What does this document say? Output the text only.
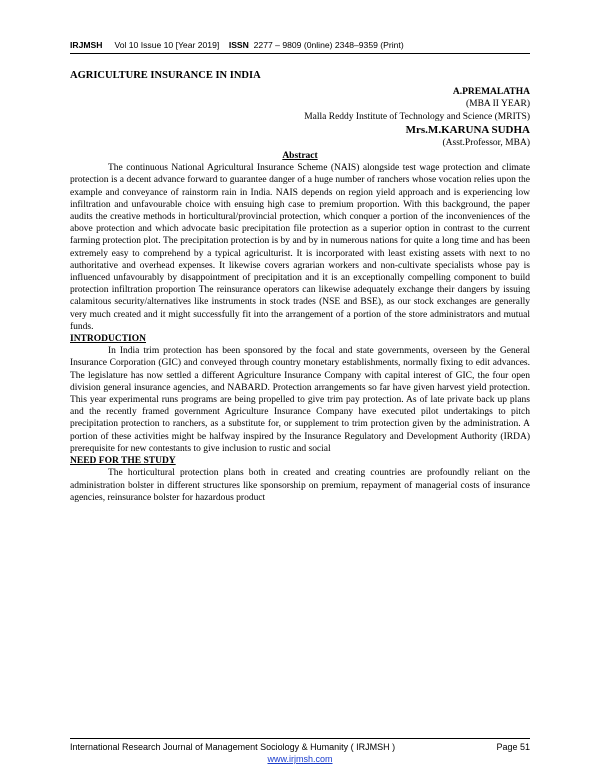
IRJMSH Vol 10 Issue 10 [Year 2019] ISSN 2277 – 9809 (0nline) 2348–9359 (Print)
AGRICULTURE INSURANCE IN INDIA
A.PREMALATHA
(MBA II YEAR)
Malla Reddy Institute of Technology and Science (MRITS)
Mrs.M.KARUNA SUDHA
(Asst.Professor, MBA)
Abstract

The continuous National Agricultural Insurance Scheme (NAIS) alongside test wage protection and climate protection is a decent advance forward to guarantee danger of a huge number of ranchers whose vocation relies upon the example and conveyance of rainstorm rain in India. NAIS depends on region yield approach and is experiencing low infiltration and unfavourable choice with ensuing high case to premium proportion. With this background, the paper audits the creative methods in horticultural/provincial protection, which conquer a portion of the inconveniences of the above protection and which advocate basic precipitation file protection as a superior option in contrast to the current farming protection plot. The precipitation protection is by and by in numerous nations for quite a long time and has been extremely easy to comprehend by a typical agriculturist. It is incorporated with least existing assets with next to no authoritative and overhead expenses. It likewise covers agrarian workers and non-cultivate specialists whose pay is influenced unfavourably by disappointment of precipitation and it is an exceptionally compelling component to build protection infiltration proportion The reinsurance operators can likewise adequately exchange their dangers by issuing calamitous security/alternatives like instruments in stock trades (NSE and BSE), as our stock exchanges are generally very much created and it might successfully fit into the arrangement of a portion of the store administrators and mutual funds.

INTRODUCTION

In India trim protection has been sponsored by the focal and state governments, overseen by the General Insurance Corporation (GIC) and conveyed through country monetary establishments, normally fixing to edit advances. The legislature has now settled a different Agriculture Insurance Company with capital interest of GIC, the four open division general insurance agencies, and NABARD. Protection arrangements so far have given harvest yield protection. This year experimental runs programs are being propelled to give trim pay protection. As of late private back up plans and the recently framed government Agriculture Insurance Company have executed pilot undertakings to pitch precipitation protection to ranchers, as a substitute for, or supplement to trim protection given by the administration. A portion of these activities might be halfway inspired by the Insurance Regulatory and Development Authority (IRDA) prerequisite for new contestants to give inclusion to rustic and social

NEED FOR THE STUDY

The horticultural protection plans both in created and creating countries are profoundly reliant on the administration bolster in different structures like sponsorship on premium, repayment of managerial costs of insurance agencies, reinsurance bolster for hazardous product

International Research Journal of Management Sociology & Humanity ( IRJMSH )	Page 51
www.irjmsh.com
